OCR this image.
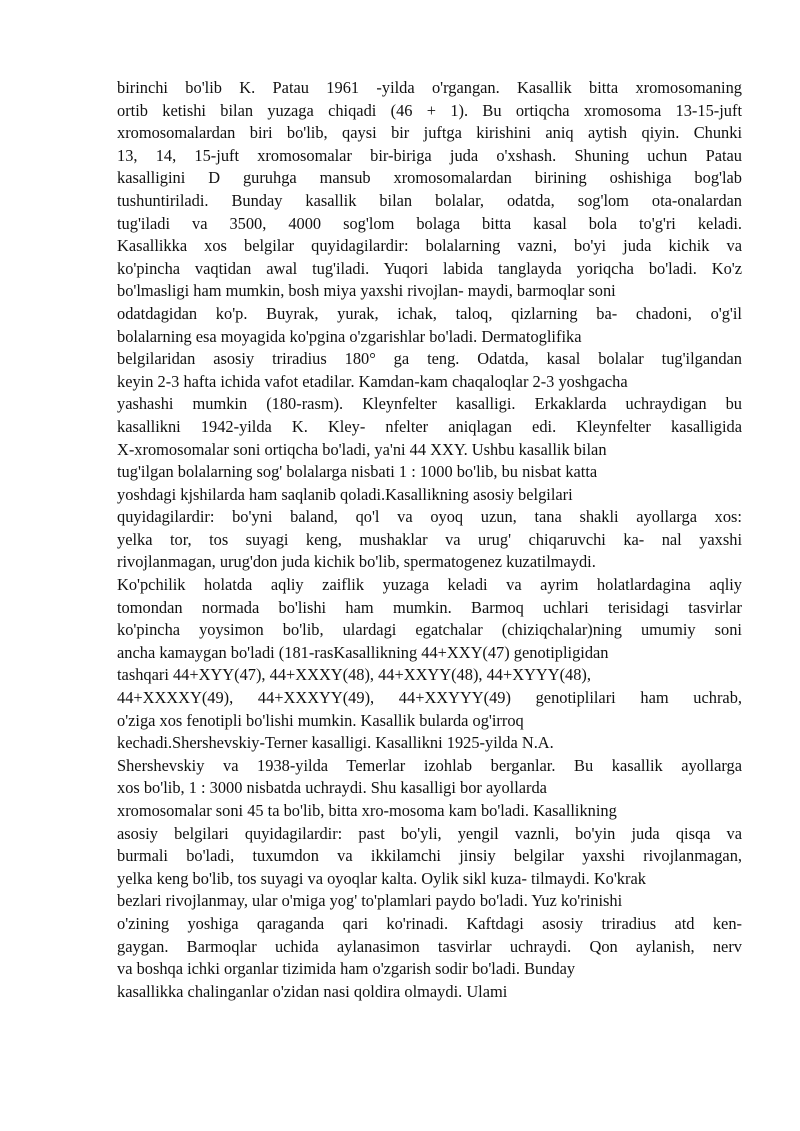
birinchi bo'lib K. Patau 1961 -yilda o'rgangan. Kasallik bitta xromosomaning
ortib ketishi bilan yuzaga chiqadi (46 + 1). Bu ortiqcha xromosoma 13-15-juft
xromosomalardan biri bo'lib, qaysi bir juftga kirishini aniq aytish qiyin. Chunki
13, 14, 15-juft xromosomalar bir-biriga juda o'xshash. Shuning uchun Patau
kasalligini D guruhga mansub xromosomalardan birining oshishiga bog'lab
tushuntiriladi. Bunday kasallik bilan bolalar, odatda, sog'lom ota-onalardan
tug'iladi va 3500, 4000 sog'lom bolaga bitta kasal bola to'g'ri keladi.
Kasallikka xos belgilar quyidagilardir: bolalarning vazni, bo'yi juda kichik va
ko'pincha vaqtidan awal tug'iladi. Yuqori labida tanglayda yoriqcha bo'ladi. Ko'z
bo'lmasligi ham mumkin, bosh miya yaxshi rivojlan- maydi, barmoqlar soni
odatdagidan ko'p. Buyrak, yurak, ichak, taloq, qizlarning ba- chadoni, o'g'il
bolalarning esa moyagida ko'pgina o'zgarishlar bo'ladi. Dermatoglifika
belgilaridan asosiy triradius 180° ga teng. Odatda, kasal bolalar tug'ilgandan
keyin 2-3 hafta ichida vafot etadilar. Kamdan-kam chaqaloqlar 2-3 yoshgacha
yashashi mumkin (180-rasm). Kleynfelter kasalligi. Erkaklarda uchraydigan bu
kasallikni 1942-yilda K. Kley- nfelter aniqlagan edi. Kleynfelter kasalligida
X-xromosomalar soni ortiqcha bo'ladi, ya'ni 44 XXY. Ushbu kasallik bilan
tug'ilgan bolalarning sog' bolalarga nisbati 1 : 1000 bo'lib, bu nisbat katta
yoshdagi kjshilarda ham saqlanib qoladi.Kasallikning asosiy belgilari
quyidagilardir: bo'yni baland, qo'l va oyoq uzun, tana shakli ayollarga xos:
yelka tor, tos suyagi keng, mushaklar va urug' chiqaruvchi ka- nal yaxshi
rivojlanmagan, urug'don juda kichik bo'lib, spermatogenez kuzatilmaydi.
Ko'pchilik holatda aqliy zaiflik yuzaga keladi va ayrim holatlardagina aqliy
tomondan normada bo'lishi ham mumkin. Barmoq uchlari terisidagi tasvirlar
ko'pincha yoysimon bo'lib, ulardagi egatchalar (chiziqchalar)ning umumiy soni
ancha kamaygan bo'ladi (181-rasKasallikning 44+XXY(47) genotipligidan
tashqari 44+XYY(47), 44+XXXY(48), 44+XXYY(48), 44+XYYY(48),
44+XXXXY(49), 44+XXXYY(49), 44+XXYYY(49) genotiplilari ham uchrab,
o'ziga xos fenotipli bo'lishi mumkin. Kasallik bularda og'irroq
kechadi.Shershevskiy-Terner kasalligi. Kasallikni 1925-yilda N.A.
Shershevskiy va 1938-yilda Temerlar izohlab berganlar. Bu kasallik ayollarga
xos bo'lib, 1 : 3000 nisbatda uchraydi. Shu kasalligi bor ayollarda
xromosomalar soni 45 ta bo'lib, bitta xro-mosoma kam bo'ladi. Kasallikning
asosiy belgilari quyidagilardir: past bo'yli, yengil vaznli, bo'yin juda qisqa va
burmali bo'ladi, tuxumdon va ikkilamchi jinsiy belgilar yaxshi rivojlanmagan,
yelka keng bo'lib, tos suyagi va oyoqlar kalta. Oylik sikl kuza- tilmaydi. Ko'krak
bezlari rivojlanmay, ular o'miga yog' to'plamlari paydo bo'ladi. Yuz ko'rinishi
o'zining yoshiga qaraganda qari ko'rinadi. Kaftdagi asosiy triradius atd ken-
gaygan. Barmoqlar uchida aylanasimon tasvirlar uchraydi. Qon aylanish, nerv
va boshqa ichki organlar tizimida ham o'zgarish sodir bo'ladi. Bunday
kasallikka chalinganlar o'zidan nasi qoldira olmaydi. Ulami
